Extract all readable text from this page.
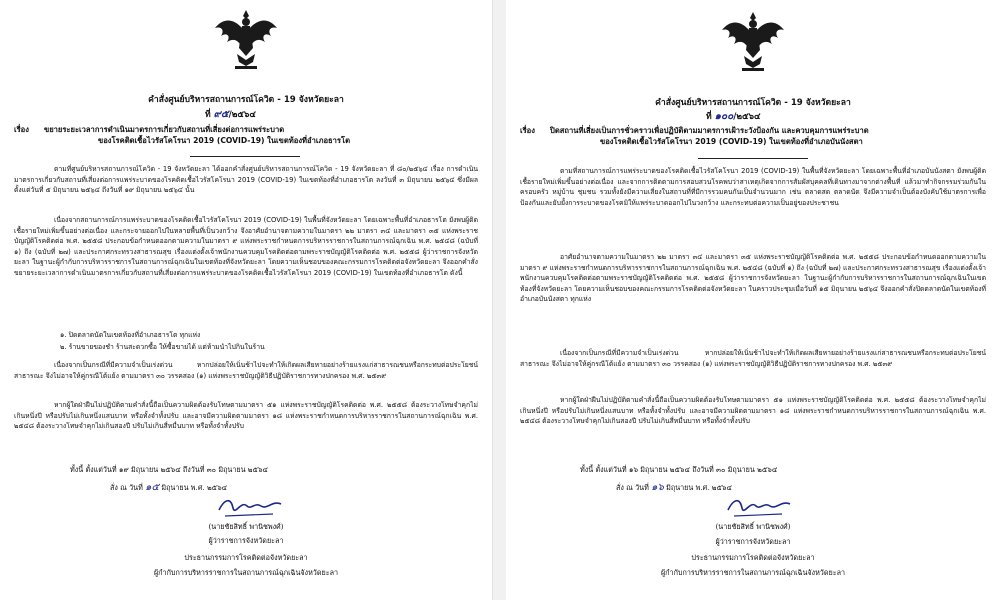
คำสั่งศูนย์บริหารสถานการณ์โควิด - 19 จังหวัดยะลา
ที่ ๙๕/๒๕๖๔
เรื่อง ขยายระยะเวลาการดำเนินมาตรการเกี่ยวกับสถานที่เสี่ยงต่อการแพร่ระบาด
ของโรคติดเชื้อไวรัสโคโรนา 2019 (COVID-19) ในเขตท้องที่อำเภอธารโต

ตามที่ศูนย์บริหารสถานการณ์โควิด - 19 จังหวัดยะลา ได้ออกคำสั่งศูนย์บริหารสถานการณ์โควิด - 19 จังหวัดยะลา ที่ ๘๐/๒๕๖๔ เรื่อง การดำเนินมาตรการเกี่ยวกับสถานที่เสี่ยงต่อการแพร่ระบาดของโรคติดเชื้อไวรัสโคโรนา 2019 (COVID-19) ในเขตท้องที่อำเภอธารโต ลงวันที่ ๓ มิถุนายน ๒๕๖๔ ซึ่งมีผลตั้งแต่วันที่ ๕ มิถุนายน ๒๕๖๔ ถึงวันที่ ๑๙ มิถุนายน ๒๕๖๔ นั้น

เนื่องจากสถานการณ์การแพร่ระบาดของโรคติดเชื้อไวรัสโคโรนา 2019 (COVID-19) ในพื้นที่จังหวัดยะลา โดยเฉพาะพื้นที่อำเภอธารโต ยังพบผู้ติดเชื้อรายใหม่เพิ่มขึ้นอย่างต่อเนื่อง และกระจายออกไปในหลายพื้นที่เป็นวงกว้าง จึงอาศัยอำนาจตามความในมาตรา ๒๒ มาตรา ๓๔ และมาตรา ๓๕ แห่งพระราชบัญญัติโรคติดต่อ พ.ศ. ๒๕๕๘ ประกอบข้อกำหนดออกตามความในมาตรา ๙ แห่งพระราชกำหนดการบริหารราชการในสถานการณ์ฉุกเฉิน พ.ศ. ๒๕๔๘ (ฉบับที่ ๑) ถึง (ฉบับที่ ๒๗) และประกาศกระทรวงสาธารณสุข เรื่องแต่งตั้งเจ้าพนักงานควบคุมโรคติดต่อตามพระราชบัญญัติโรคติดต่อ พ.ศ. ๒๕๕๘ ผู้ว่าราชการจังหวัดยะลา ในฐานะผู้กำกับการบริหารราชการในสถานการณ์ฉุกเฉินในเขตท้องที่จังหวัดยะลา โดยความเห็นชอบของคณะกรรมการโรคติดต่อจังหวัดยะลา จึงออกคำสั่งขยายระยะเวลาการดำเนินมาตรการเกี่ยวกับสถานที่เสี่ยงต่อการแพร่ระบาดของโรคติดเชื้อไวรัสโคโรนา 2019 (COVID-19) ในเขตท้องที่อำเภอธารโต ดังนี้

๑. ปิดตลาดนัดในเขตท้องที่อำเภอธารโต ทุกแห่ง

๒. ร้านขายของชำ ร้านสะดวกซื้อ ให้ซื้อขายได้ แต่ห้ามนำไปกินในร้าน

เนื่องจากเป็นกรณีที่มีความจำเป็นเร่งด่วน หากปล่อยให้เนิ่นช้าไปจะทำให้เกิดผลเสียหายอย่างร้ายแรงแก่สาธารณชนหรือกระทบต่อประโยชน์สาธารณะ จึงไม่อาจให้คู่กรณีโต้แย้ง ตามมาตรา ๓๐ วรรคสอง (๑) แห่งพระราชบัญญัติวิธีปฏิบัติราชการทางปกครอง พ.ศ. ๒๕๓๙

หากผู้ใดฝ่าฝืนไม่ปฏิบัติตามคำสั่งนี้ถือเป็นความผิดต้องรับโทษตามมาตรา ๕๑ แห่งพระราชบัญญัติโรคติดต่อ พ.ศ. ๒๕๕๘ ต้องระวางโทษจำคุกไม่เกินหนึ่งปี หรือปรับไม่เกินหนึ่งแสนบาท หรือทั้งจำทั้งปรับ และอาจมีความผิดตามมาตรา ๑๘ แห่งพระราชกำหนดการบริหารราชการในสถานการณ์ฉุกเฉิน พ.ศ. ๒๕๔๘ ต้องระวางโทษจำคุกไม่เกินสองปี ปรับไม่เกินสี่หมื่นบาท หรือทั้งจำทั้งปรับ

ทั้งนี้ ตั้งแต่วันที่ ๑๙ มิถุนายน ๒๕๖๔ ถึงวันที่ ๓๐ มิถุนายน ๒๕๖๔
สั่ง ณ วันที่ ๑๕ มิถุนายน พ.ศ. ๒๕๖๔
(นายชัยสิทธิ์ พานิชพงศ์)
ผู้ว่าราชการจังหวัดยะลา
ประธานกรรมการโรคติดต่อจังหวัดยะลา
ผู้กำกับการบริหารราชการในสถานการณ์ฉุกเฉินจังหวัดยะลา
คำสั่งศูนย์บริหารสถานการณ์โควิด - 19 จังหวัดยะลา
ที่ ๑๐๐/๒๕๖๔
เรื่อง ปิดสถานที่เสี่ยงเป็นการชั่วคราวเพื่อปฏิบัติตามมาตรการเฝ้าระวังป้องกัน และควบคุมการแพร่ระบาด
ของโรคติดเชื้อไวรัสโคโรนา 2019 (COVID-19) ในเขตท้องที่อำเภอบันนังสตา

ตามที่สถานการณ์การแพร่ระบาดของโรคติดเชื้อไวรัสโคโรนา 2019 (COVID-19) ในพื้นที่จังหวัดยะลา โดยเฉพาะพื้นที่อำเภอบันนังสตา ยังพบผู้ติดเชื้อรายใหม่เพิ่มขึ้นอย่างต่อเนื่อง และจากการติดตามการสอบสวนโรคพบว่าสาเหตุเกิดจากการสัมผัสบุคคลที่เดินทางมาจากต่างพื้นที่ แล้วมาทำกิจกรรมร่วมกันในครอบครัว หมู่บ้าน ชุมชน รวมทั้งยังมีความเสี่ยงในสถานที่ที่มีการรวมคนกันเป็นจำนวนมาก เช่น ตลาดสด ตลาดนัด จึงมีความจำเป็นต้องบังคับใช้มาตรการเพื่อป้องกันและยับยั้งการระบาดของโรคมิให้แพร่ระบาดออกไปในวงกว้าง และกระทบต่อความเป็นอยู่ของประชาชน

อาศัยอำนาจตามความในมาตรา ๒๒ มาตรา ๓๔ และมาตรา ๓๕ แห่งพระราชบัญญัติโรคติดต่อ พ.ศ. ๒๕๕๘ ประกอบข้อกำหนดออกตามความในมาตรา ๙ แห่งพระราชกำหนดการบริหารราชการในสถานการณ์ฉุกเฉิน พ.ศ. ๒๕๔๘ (ฉบับที่ ๑) ถึง (ฉบับที่ ๒๗) และประกาศกระทรวงสาธารณสุข เรื่องแต่งตั้งเจ้าพนักงานควบคุมโรคติดต่อตามพระราชบัญญัติโรคติดต่อ พ.ศ. ๒๕๕๘ ผู้ว่าราชการจังหวัดยะลา ในฐานะผู้กำกับการบริหารราชการในสถานการณ์ฉุกเฉินในเขตท้องที่จังหวัดยะลา โดยความเห็นชอบของคณะกรรมการโรคติดต่อจังหวัดยะลา ในคราวประชุมเมื่อวันที่ ๑๕ มิถุนายน ๒๕๖๔ จึงออกคำสั่งปิดตลาดนัดในเขตท้องที่อำเภอบันนังสตา ทุกแห่ง

เนื่องจากเป็นกรณีที่มีความจำเป็นเร่งด่วน หากปล่อยให้เนิ่นช้าไปจะทำให้เกิดผลเสียหายอย่างร้ายแรงแก่สาธารณชนหรือกระทบต่อประโยชน์สาธารณะ จึงไม่อาจให้คู่กรณีโต้แย้ง ตามมาตรา ๓๐ วรรคสอง (๑) แห่งพระราชบัญญัติวิธีปฏิบัติราชการทางปกครอง พ.ศ. ๒๕๓๙

หากผู้ใดฝ่าฝืนไม่ปฏิบัติตามคำสั่งนี้ถือเป็นความผิดต้องรับโทษตามมาตรา ๕๑ แห่งพระราชบัญญัติโรคติดต่อ พ.ศ. ๒๕๕๘ ต้องระวางโทษจำคุกไม่เกินหนึ่งปี หรือปรับไม่เกินหนึ่งแสนบาท หรือทั้งจำทั้งปรับ และอาจมีความผิดตามมาตรา ๑๘ แห่งพระราชกำหนดการบริหารราชการในสถานการณ์ฉุกเฉิน พ.ศ. ๒๕๔๘ ต้องระวางโทษจำคุกไม่เกินสองปี ปรับไม่เกินสี่หมื่นบาท หรือทั้งจำทั้งปรับ

ทั้งนี้ ตั้งแต่วันที่ ๑๖ มิถุนายน ๒๕๖๔ ถึงวันที่ ๓๐ มิถุนายน ๒๕๖๔
สั่ง ณ วันที่ ๑๖ มิถุนายน พ.ศ. ๒๕๖๔
(นายชัยสิทธิ์ พานิชพงศ์)
ผู้ว่าราชการจังหวัดยะลา
ประธานกรรมการโรคติดต่อจังหวัดยะลา
ผู้กำกับการบริหารราชการในสถานการณ์ฉุกเฉินจังหวัดยะลา
